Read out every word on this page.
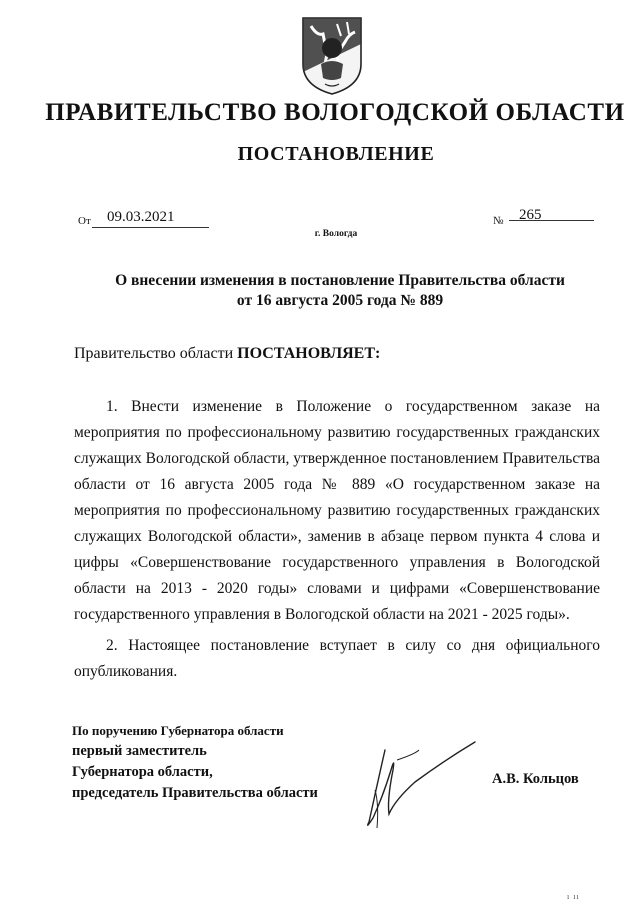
ПРАВИТЕЛЬСТВО ВОЛОГОДСКОЙ ОБЛАСТИ
ПОСТАНОВЛЕНИЕ
От 09.03.2021	№ 265
г. Вологда
О внесении изменения в постановление Правительства области
от 16 августа 2005 года № 889
Правительство области ПОСТАНОВЛЯЕТ:
1. Внести изменение в Положение о государственном заказе на мероприятия по профессиональному развитию государственных гражданских служащих Вологодской области, утвержденное постановлением Правительства области от 16 августа 2005 года № 889 «О государственном заказе на мероприятия по профессиональному развитию государственных гражданских служащих Вологодской области», заменив в абзаце первом пункта 4 слова и цифры «Совершенствование государственного управления в Вологодской области на 2013 - 2020 годы» словами и цифрами «Совершенствование государственного управления в Вологодской области на 2021 - 2025 годы».
2. Настоящее постановление вступает в силу со дня официального опубликования.
По поручению Губернатора области
первый заместитель
Губернатора области,
председатель Правительства области
А.В. Кольцов
ı ıı
